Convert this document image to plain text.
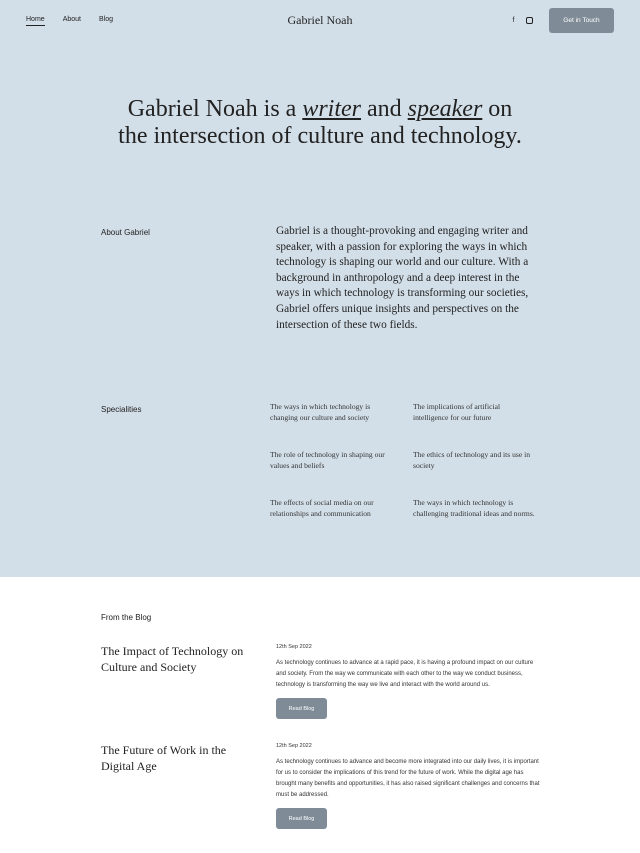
Home	About	Blog	Gabriel Noah	f	Get in Touch
Gabriel Noah is a writer and speaker on
the intersection of culture and technology.
About Gabriel	Gabriel is a thought-provoking and engaging writer and speaker, with a passion for exploring the ways in which technology is shaping our world and our culture. With a background in anthropology and a deep interest in the ways in which technology is transforming our societies, Gabriel offers unique insights and perspectives on the intersection of these two fields.
Specialities	The ways in which technology is changing our culture and society
The implications of artificial intelligence for our future
The role of technology in shaping our values and beliefs
The ethics of technology and its use in society
The effects of social media on our relationships and communication
The ways in which technology is challenging traditional ideas and norms.
From the Blog
The Impact of Technology on Culture and Society
12th Sep 2022
As technology continues to advance at a rapid pace, it is having a profound impact on our culture and society. From the way we communicate with each other to the way we conduct business, technology is transforming the way we live and interact with the world around us.
Read Blog
The Future of Work in the Digital Age
12th Sep 2022
As technology continues to advance and become more integrated into our daily lives, it is important for us to consider the implications of this trend for the future of work. While the digital age has brought many benefits and opportunities, it has also raised significant challenges and concerns that must be addressed.
Read Blog
